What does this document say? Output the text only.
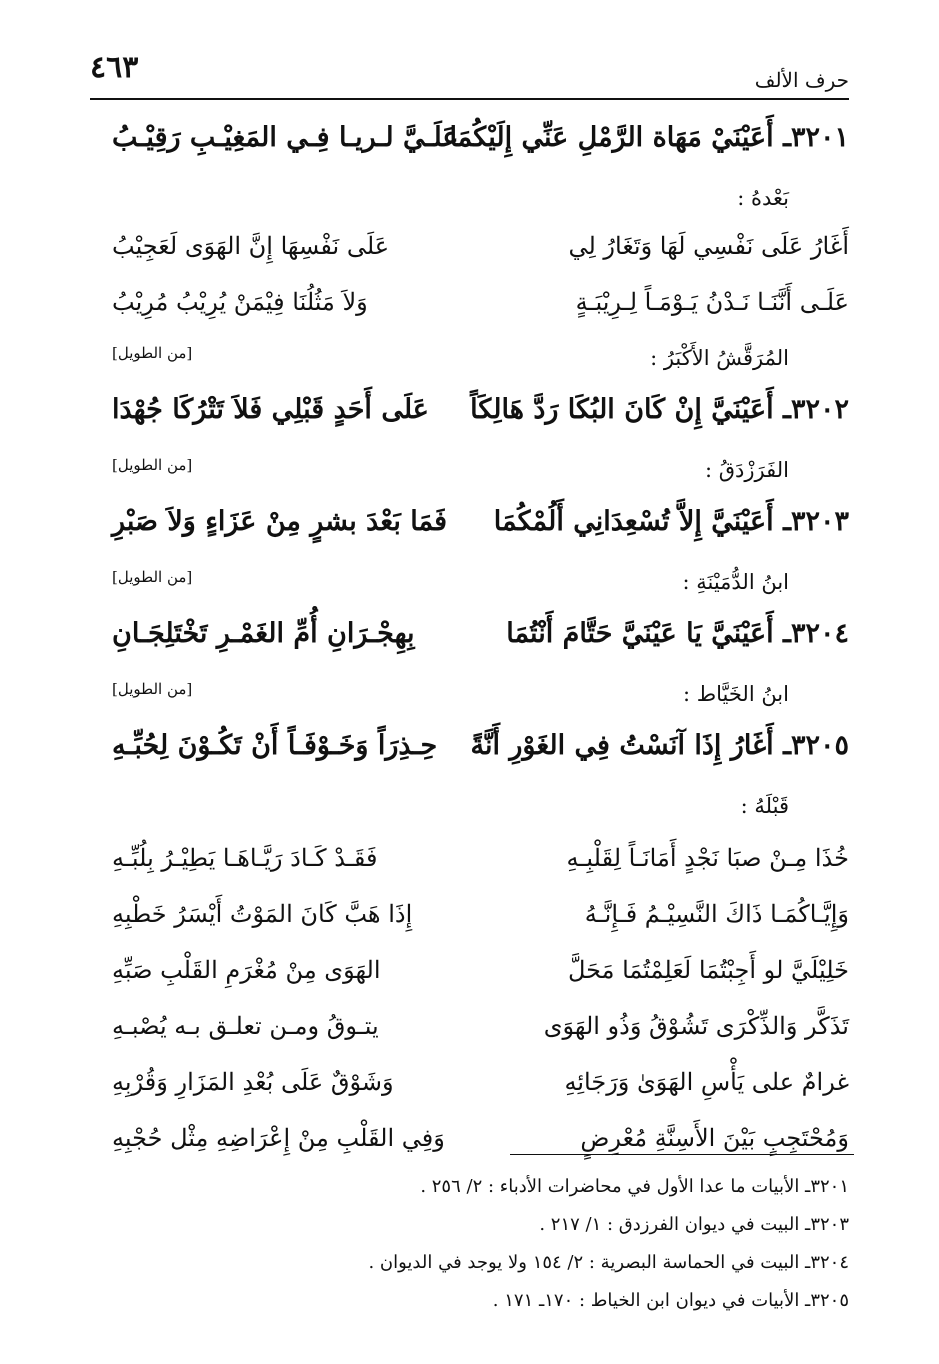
حرف الألف
٤٦٣
٣٢٠١ـ أَعَيْنَيْ مَهَاة الرَّمْلِ عَنِّي إِلَيْكُمَا
عَلَـيَّ لـريـا فِـي المَغِيْـبِ رَقِيْـبُ
بَعْدهُ :
أَغَارُ عَلَى نَفْسِي لَهَا وَتَغَارُ لِي
عَلَى نَفْسِهَا إِنَّ الهَوَى لَعَجِيْبُ
عَلَـى أَنَّنَـا نَـدْنُ يَـوْمَـاً لِـرِيْبَـةٍ
وَلاَ مَثُلُنَا فِيْمَنْ يُرِيْبُ مُرِيْبُ
المُرَقَّشُ الأَكْبَرُ :
[من الطويل]
٣٢٠٢ـ أَعَيْنَيَّ إِنْ كَانَ البُكَا رَدَّ هَالِكَاً
عَلَى أَحَدٍ قَبْلِي فَلاَ تَتْرُكَا جُهْدَا
الفَرَزْدَقُ :
[من الطويل]
٣٢٠٣ـ أَعَيْنَيَّ إِلاَّ تُسْعِدَانِي أَلُمْكُمَا
فَمَا بَعْدَ بشرٍ مِنْ عَزَاءٍ وَلاَ صَبْرِ
ابنُ الدُّمَيْنَةِ :
[من الطويل]
٣٢٠٤ـ أَعَيْنَيَّ يَا عَيْنَيَّ حَتَّامَ أَنْتُمَا
بِهِجْـرَانِ أُمِّ الغَمْـرِ تَخْتَلِجَـانِ
ابنُ الخَيَّاط :
[من الطويل]
٣٢٠٥ـ أَغَارُ إِذَا آنَسْتُ فِي الغَوْرِ أَنَّةً
حِـذِرَاً وَخَـوْفَـاً أَنْ تَكُـوْنَ لِحُبِّـهِ
قَبْلَهُ :
خُذَا مِـنْ صبَا نَجْدٍ أَمَانَـاً لِقَلْبِـهِ
فَقَـدْ كَـادَ رَيَّـاهَـا يَطِيْـرُ بِلُبِّـهِ
وَإِيَّـاكُمَـا ذَاكَ النَّسِيْـمُ فَـإِنَّـهُ
إِذَا هَبَّ كَانَ المَوْتُ أَيْسَرُ خَطْبِهِ
خَلِيْلَيَّ لو أَجِبْتُمَا لَعَلِمْتُمَا مَحَلَّ
الهَوَى مِنْ مُغْرَمِ القَلْبِ صَبِّهِ
تَذَكَّر وَالذِّكْرَى تَشُوْقُ وَذُو الهَوَى
يتـوقُ ومـن تعلـق بـه يُصْبـهِ
غرامٌ على يَأْسِ الهَوَىٰ وَرَجَائِهِ
وَشَوْقٌ عَلَى بُعْدِ المَزَارِ وَقُرْبِهِ
وَمُحْتَجِبٍ بَيْنَ الأَسِنَّةِ مُعْرِضٍ
وَفِي القَلْبِ مِنْ إِعْرَاضِهِ مِثْل حُجْبِهِ
٣٢٠١ـ الأبيات ما عدا الأول في محاضرات الأدباء : ٢/ ٢٥٦ .
٣٢٠٣ـ البيت في ديوان الفرزدق : ١/ ٢١٧ .
٣٢٠٤ـ البيت في الحماسة البصرية : ٢/ ١٥٤ ولا يوجد في الديوان .
٣٢٠٥ـ الأبيات في ديوان ابن الخياط : ١٧٠ـ ١٧١ .
